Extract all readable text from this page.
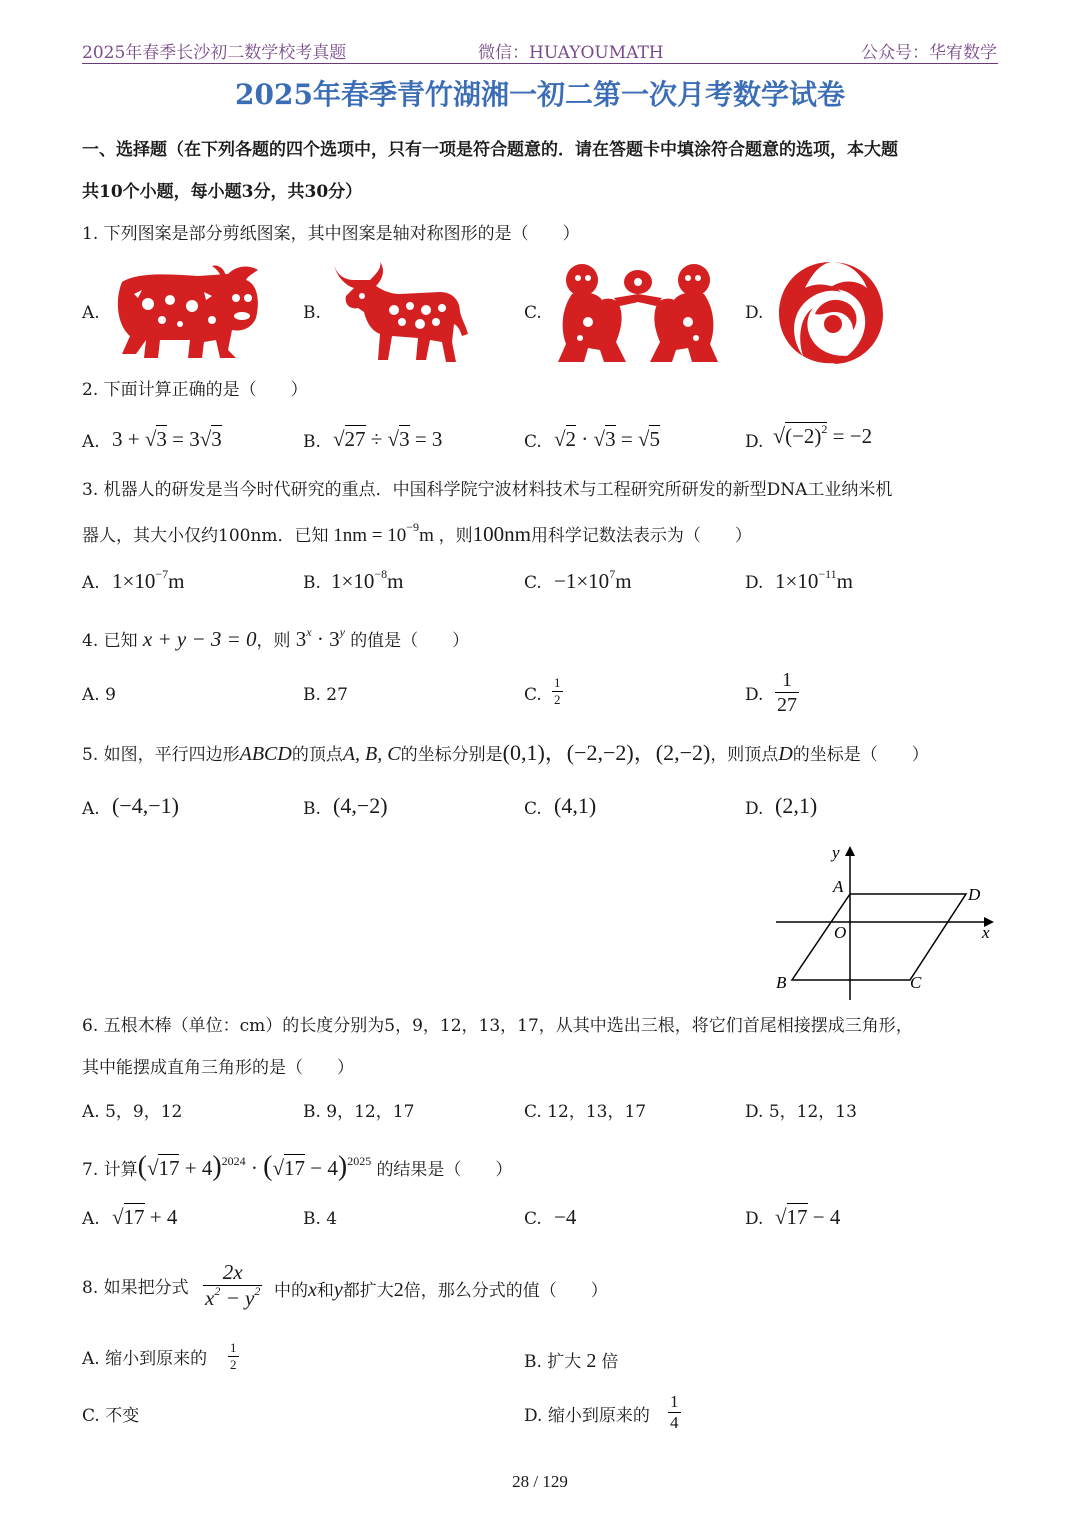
2025年春季长沙初二数学校考真题	微信：HUAYOUMATH	公众号：华宥数学
2025年春季青竹湖湘一初二第一次月考数学试卷
一、选择题（在下列各题的四个选项中，只有一项是符合题意的．请在答题卡中填涂符合题意的选项，本大题
共10个小题，每小题3分，共30分）
1. 下列图案是部分剪纸图案，其中图案是轴对称图形的是（　　）
A.	B.	C.	D.
2. 下面计算正确的是（　　）
A. 3 + √3 = 3√3	B. √27 ÷ √3 = 3	C. √2 · √3 = √5	D. $√(-2)^2 = -2$
3. 机器人的研发是当今时代研究的重点．中国科学院宁波材料技术与工程研究所研发的新型DNA工业纳米机
器人，其大小仅约100nm．已知 $1nm = 10^{-9}m$ ，则100nm用科学记数法表示为（　　）
A. $1\times 10^{-7}m$	B. $1\times 10^{-8}m$	C. $-1\times 10^7m$	D. $1\times 10^{-11}m$
4. 已知 x + y − 3 = 0，则 $3^x \cdot 3^y$ 的值是（　　）
A. 9	B. 27	C. $\frac{1}{2}$	D. $\frac{1}{27}$
5. 如图，平行四边形ABCD的顶点A, B, C的坐标分别是(0,1)，(−2,−2)，(2,−2)，则顶点D的坐标是（　　）
A. (−4,−1)	B. (4,−2)	C. (4,1)	D. (2,1)
y
x
O
A
B	C
D
6. 五根木棒（单位：cm）的长度分别为5，9，12，13，17，从其中选出三根，将它们首尾相接摆成三角形，
其中能摆成直角三角形的是（　　）
A. 5，9，12	B. 9，12，17	C. 12，13，17	D. 5，12，13
7. 计算$(√17 + 4)^{2024} \cdot (√17 - 4)^{2025}$ 的结果是（　　）
A. √17 + 4	B. 4	C. −4	D. √17 − 4
8. 如果把分式 $\frac{2x}{x^2 - y^2}$ 中的x和y都扩大2倍，那么分式的值（　　）
A. 缩小到原来的 $\frac{1}{2}$	B. 扩大 2 倍
C. 不变	D. 缩小到原来的 $\frac{1}{4}$
28 / 129
